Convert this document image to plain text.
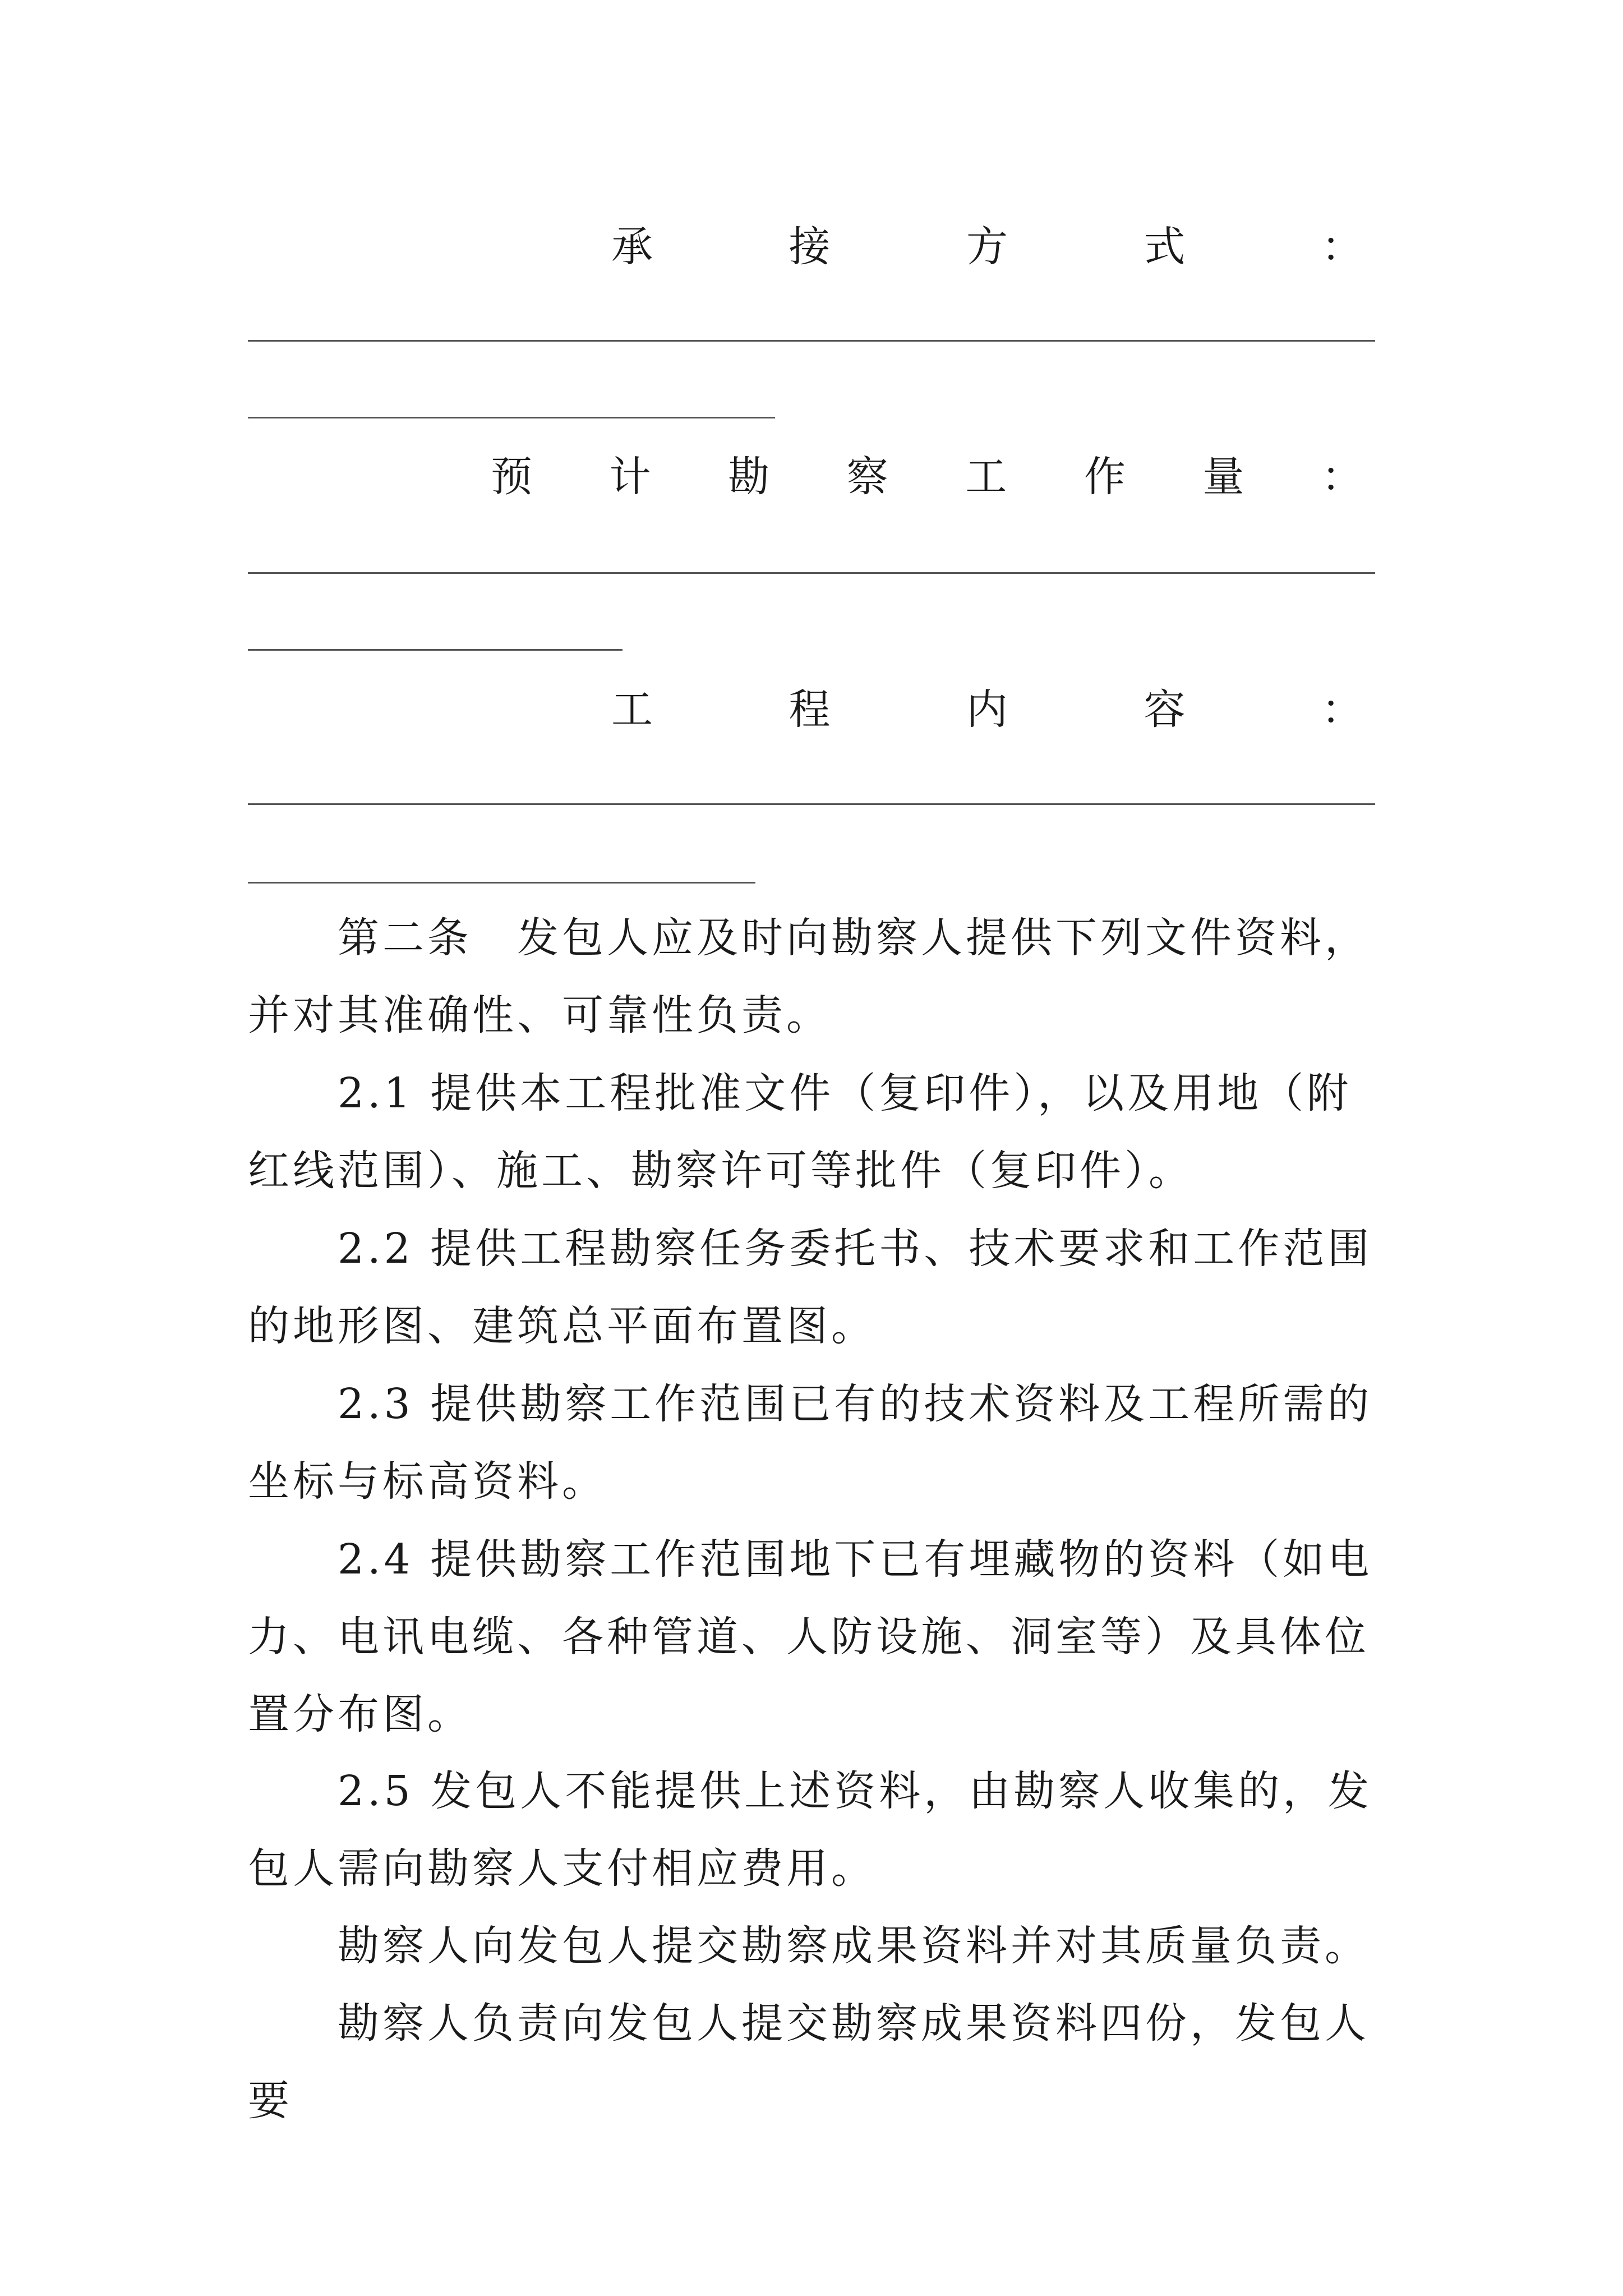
承	接	方	式	：
预 计 勘 察 工 作 量 ：
工	程	内	容	：

第二条　发包人应及时向勘察人提供下列文件资料，并对其准确性、可靠性负责。

2.1 提供本工程批准文件（复印件），以及用地（附红线范围）、施工、勘察许可等批件（复印件）。

2.2 提供工程勘察任务委托书、技术要求和工作范围的地形图、建筑总平面布置图。

2.3 提供勘察工作范围已有的技术资料及工程所需的坐标与标高资料。

2.4 提供勘察工作范围地下已有埋藏物的资料（如电力、电讯电缆、各种管道、人防设施、洞室等）及具体位置分布图。

2.5 发包人不能提供上述资料，由勘察人收集的，发包人需向勘察人支付相应费用。

勘察人向发包人提交勘察成果资料并对其质量负责。

勘察人负责向发包人提交勘察成果资料四份，发包人要
